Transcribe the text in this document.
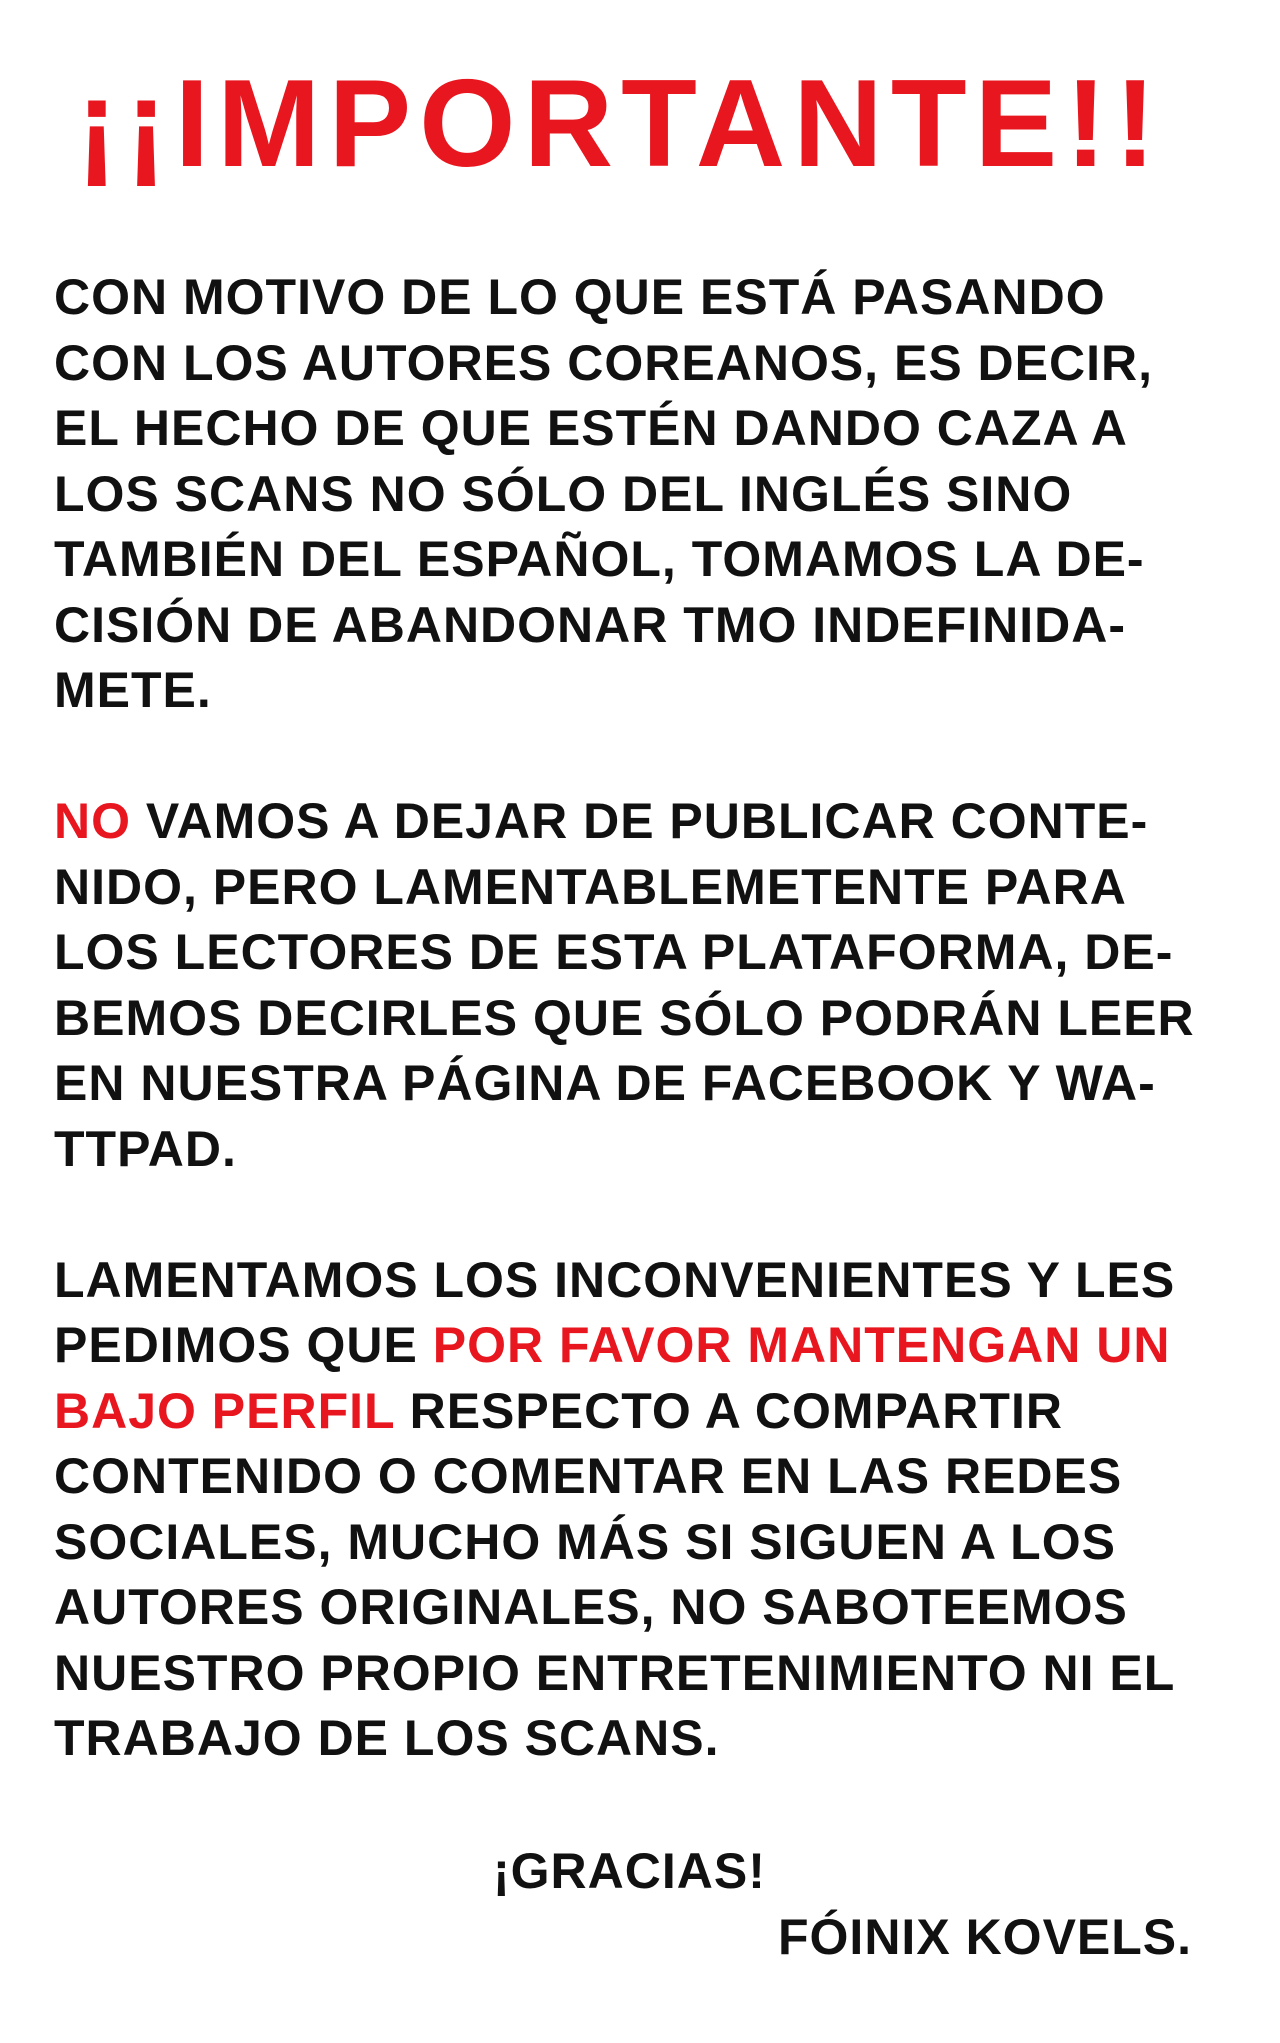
¡¡IMPORTANTE!!
CON MOTIVO DE LO QUE ESTÁ PASANDO
CON LOS AUTORES COREANOS, ES DECIR,
EL HECHO DE QUE ESTÉN DANDO CAZA A
LOS SCANS NO SÓLO DEL INGLÉS SINO
TAMBIÉN DEL ESPAÑOL, TOMAMOS LA DE-
CISIÓN DE ABANDONAR TMO INDEFINIDA-
METE.
NO VAMOS A DEJAR DE PUBLICAR CONTE-
NIDO, PERO LAMENTABLEMETENTE PARA
LOS LECTORES DE ESTA PLATAFORMA, DE-
BEMOS DECIRLES QUE SÓLO PODRÁN LEER
EN NUESTRA PÁGINA DE FACEBOOK Y WA-
TTPAD.
LAMENTAMOS LOS INCONVENIENTES Y LES
PEDIMOS QUE POR FAVOR MANTENGAN UN
BAJO PERFIL RESPECTO A COMPARTIR
CONTENIDO O COMENTAR EN LAS REDES
SOCIALES, MUCHO MÁS SI SIGUEN A LOS
AUTORES ORIGINALES, NO SABOTEEMOS
NUESTRO PROPIO ENTRETENIMIENTO NI EL
TRABAJO DE LOS SCANS.
¡GRACIAS!
FÓINIX KOVELS.
